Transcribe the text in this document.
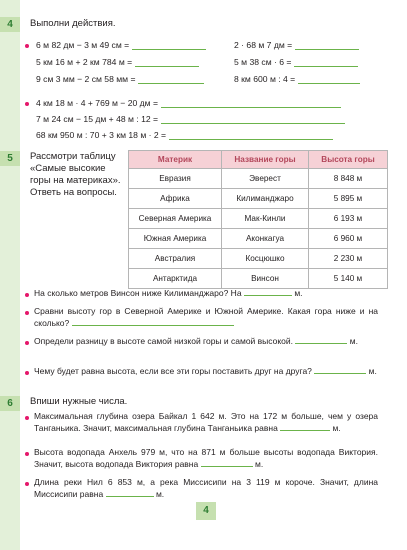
4	Выполни действия.
6 м 82 дм − 3 м 49 см =
5 км 16 м + 2 км 784 м =
9 см 3 мм − 2 см 58 мм =
2 · 68 м 7 дм =
5 м 38 см · 6 =
8 км 600 м : 4 =
4 км 18 м · 4 + 769 м − 20 дм =
7 м 24 см − 15 дм + 48 м : 12 =
68 км 950 м : 70 + 3 км 18 м · 2 =
5	Рассмотри таблицу
«Самые высокие
горы на материках».
Ответь на вопросы.
Материк	Название горы	Высота горы
Евразия	Эверест	8 848 м
Африка	Килиманджаро	5 895 м
Северная Америка	Мак-Кинли	6 193 м
Южная Америка	Аконкагуа	6 960 м
Австралия	Косцюшко	2 230 м
Антарктида	Винсон	5 140 м
На сколько метров Винсон ниже Килиманджаро? На	м.
Сравни высоту гор в Северной Америке и Южной Америке. Какая гора ниже и на сколько?
Определи разницу в высоте самой низкой горы и самой высокой.	м.
Чему будет равна высота, если все эти горы поставить друг на друга?	м.
6	Впиши нужные числа.
Максимальная глубина озера Байкал 1 642 м. Это на 172 м больше, чем у озера Танганьика. Значит, максимальная глубина Танганьика равна	м.
Высота водопада Анхель 979 м, что на 871 м больше высоты водопада Виктория. Значит, высота водопада Виктория равна	м.
Длина реки Нил 6 853 м, а река Миссисипи на 3 119 м короче. Значит, длина Миссисипи равна	м.
4
